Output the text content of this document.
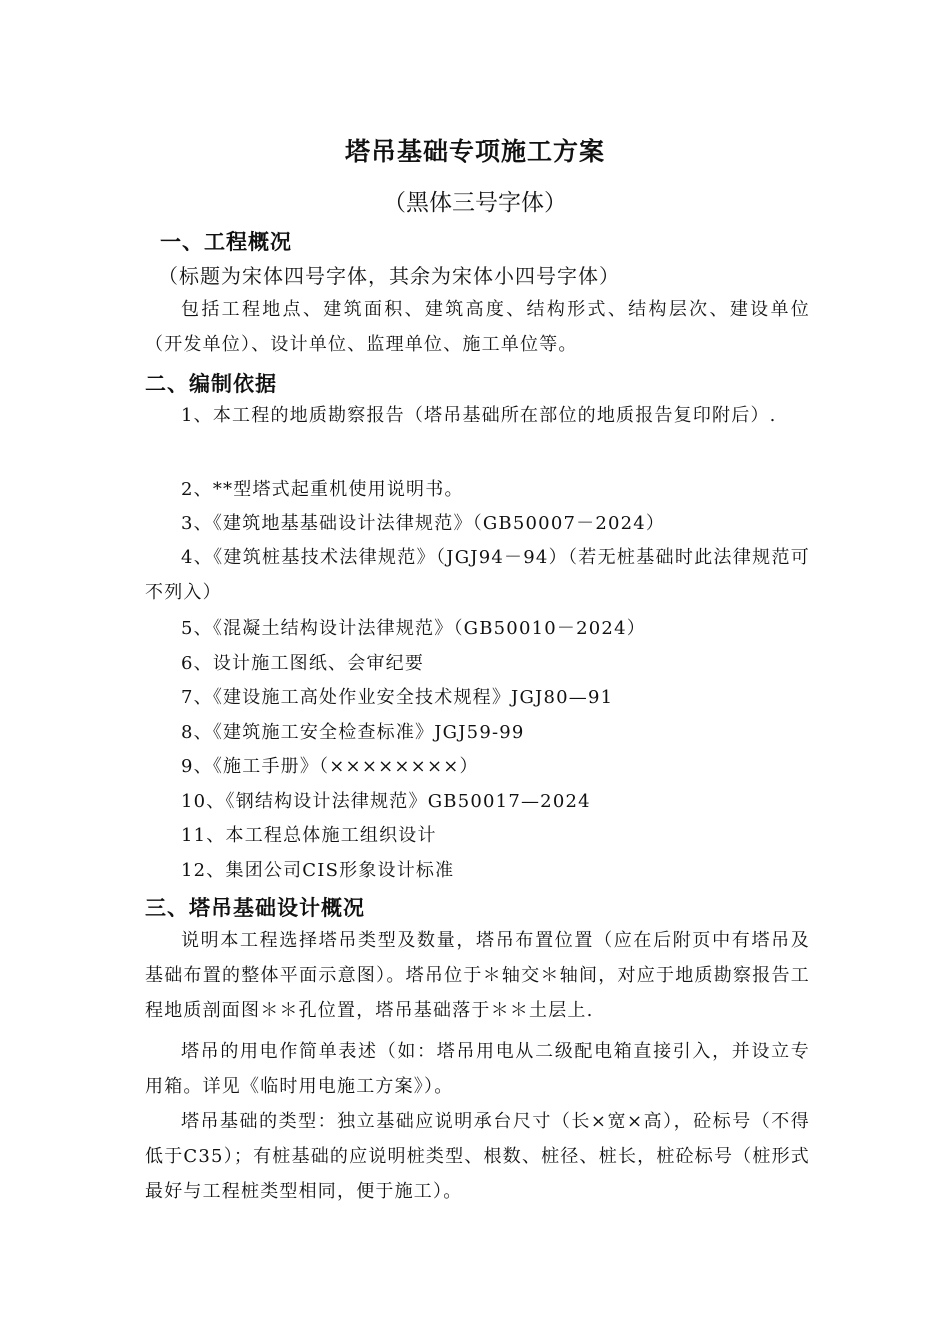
塔吊基础专项施工方案
（黑体三号字体）
一、工程概况
（标题为宋体四号字体，其余为宋体小四号字体）
包括工程地点、建筑面积、建筑高度、结构形式、结构层次、建设单位（开发单位）、设计单位、监理单位、施工单位等。
二、编制依据
1、本工程的地质勘察报告（塔吊基础所在部位的地质报告复印附后）.
2、**型塔式起重机使用说明书。
3、《建筑地基基础设计法律规范》（GB50007－2024）
4、《建筑桩基技术法律规范》（JGJ94－94）（若无桩基础时此法律规范可不列入）
5、《混凝土结构设计法律规范》（GB50010－2024）
6、设计施工图纸、会审纪要
7、《建设施工高处作业安全技术规程》JGJ80—91
8、《建筑施工安全检查标准》JGJ59-99
9、《施工手册》（××××××××）
10、《钢结构设计法律规范》GB50017—2024
11、本工程总体施工组织设计
12、集团公司CIS形象设计标准
三、塔吊基础设计概况
说明本工程选择塔吊类型及数量，塔吊布置位置（应在后附页中有塔吊及基础布置的整体平面示意图）。塔吊位于＊轴交＊轴间，对应于地质勘察报告工程地质剖面图＊＊孔位置，塔吊基础落于＊＊土层上.
塔吊的用电作简单表述（如：塔吊用电从二级配电箱直接引入，并设立专用箱。详见《临时用电施工方案》）。
塔吊基础的类型：独立基础应说明承台尺寸（长×宽×高），砼标号（不得低于C35）；有桩基础的应说明桩类型、根数、桩径、桩长，桩砼标号（桩形式最好与工程桩类型相同，便于施工）。
